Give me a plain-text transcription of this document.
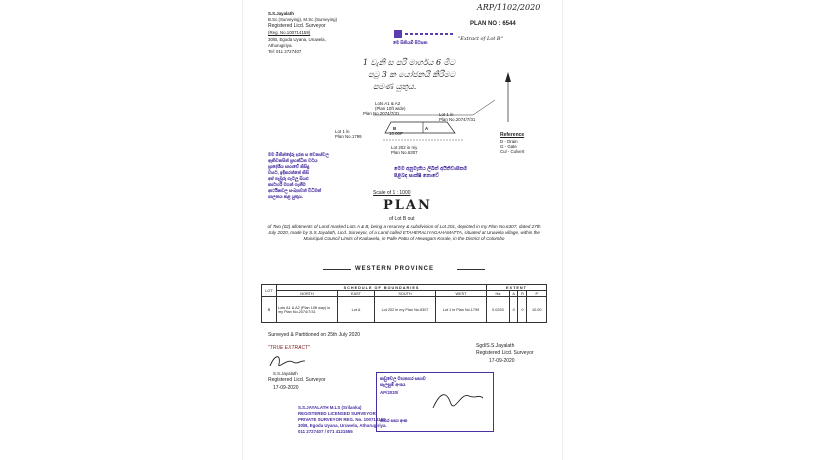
ARP/1102/2020
S.S.Jayalath
B.Sc.(Surveying), M.Sc.(Surveying)
Registered Licd. Surveyor
(Reg. No.100714159)
30/B, Egoda Uyana, Uruwela,
Athurugiriya.
Tel: 011 2727407
PLAN NO : 6544
මෙ සිතියම් පිටපත
"Extract of Lot B"
1 වැනි ස පරි මාර්ගය 6 මීට
පටු 3 ක යෝජනයි කිරිමට
පමණ යුතුය.
Lots A1 & A2
(Plan 10ft wide)
Plan No.2074/7/31
Lot 1 in
Plan No.1799
B	A
10.00P
Lot 202 in my
Plan No.6307
Lot 1 in
Plan No.2074/7/31
Reference
D - Drain
G - Gate
Cul - Culvert
මම මිනින්දෝරු දරන ස වෙනස්වල
ඇතිවනසින් ප්‍රභන්ධිත වටය
ප්‍රාදේශීය සභාවේ කිසිඳු
වසට, ඉදිකරන්නේ කිසි
අප් ගැඹුරු ගැටලූ සියළු
කාටහරි මගන් ගැනීම
ආර්ථිකවල සංඛ්‍යාවන් විධිමත්
පාලනය කළ යුතුය.
මෙම අනුමැතිය ලිඛිත් අයිතිවාසිකම
පිළිබඳ සාක්ෂි නොවේ
Scale of 1 : 1000
PLAN
of Lot B out
of Two (02) allotments of Land marked Lots A & B, being a resurvey & subdivision of Lot 201, depicted in my Plan No.6307, dated 27th July 2020, made by S.S.Jayalath, Licd. Surveyor, of a Land called ETAHERALIYAGAHAMATTA, situated at Uruwela village, within the Municipal Council Limits of Kaduwela, in Palle Pattu of Hewagam Korale, in the District of Colombo
WESTERN PROVINCE
LOT	SCHEDULE OF BOUNDARIES				EXTENT			
	NORTH	EAST	SOUTH	WEST	Ha	A	R	P
B	Lots A1 & A2 (Plan 10ft way) in my Plan No.2074/7/31	Lot A	Lot 202 in my Plan No.6307	Lot 1 in Plan No.1799	0.0253	0	0	10.00
Surveyed & Partitioned on 25th July 2020
"TRUE EXTRACT"
S.S.Jayalath
Registered Licd. Surveyor
17-09-2020
Sgd/S.S.Jayalath
Registered Licd. Surveyor
17-09-2020
කඩුවෙල මහනගර සභාව
සැලසුම් අංශය
AP/2020/
නගර සභා අංක
S.S.JAYALATH M.LS (Srilanka)
REGISTERED LICENSED SURVEYOR
PRIVATE SURVEYOR REG. No. 100714159
30/B, Egoda Uyana, Uruwela, Athurugiriya.
011 2727407 / 071 4121555
